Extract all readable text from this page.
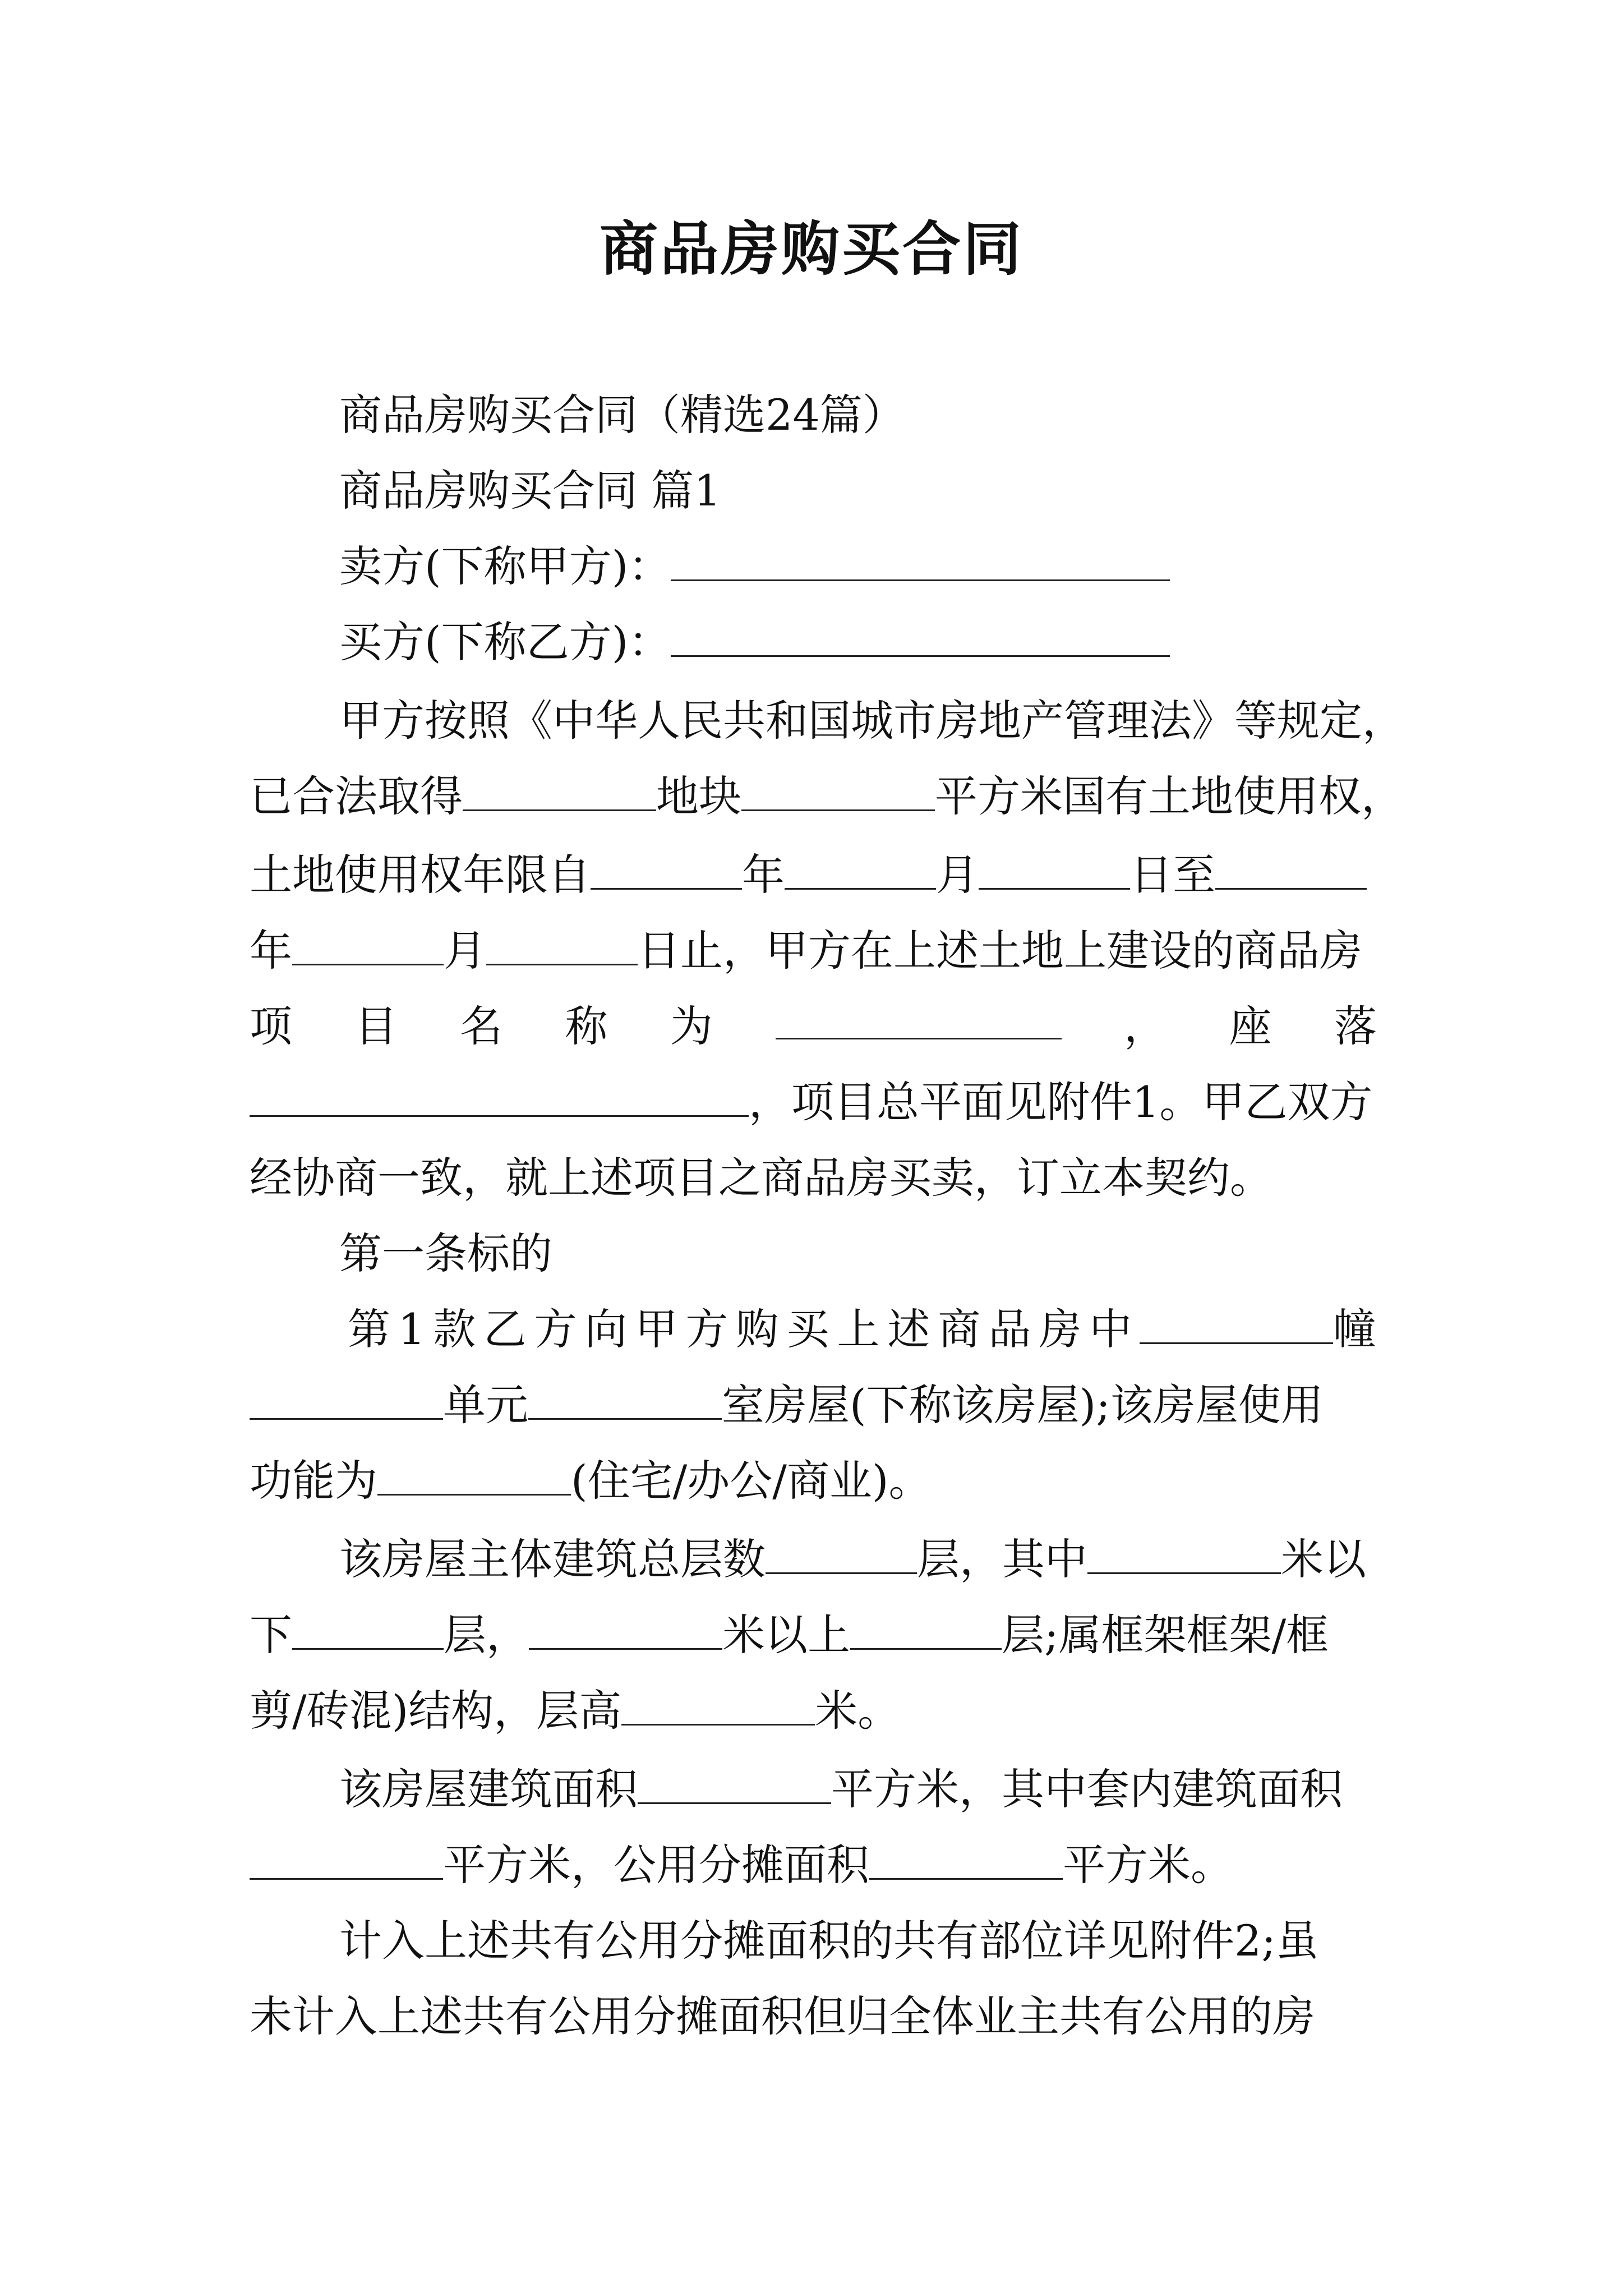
商品房购买合同
商品房购买合同（精选24篇）
商品房购买合同 篇1
卖方(下称甲方)：
买方(下称乙方)：
甲方按照《中华人民共和国城市房地产管理法》等规定，
已合法取得	地块	平方米国有土地使用权，
土地使用权年限自	年	月	日至
年	月	日止，甲方在上述土地上建设的商品房
项 目 名 称 为	， 座 落
，项目总平面见附件1。甲乙双方
经协商一致，就上述项目之商品房买卖，订立本契约。
第一条标的
第1款乙方向甲方购买上述商品房中	幢
单元	室房屋(下称该房屋);该房屋使用
功能为	(住宅/办公/商业)。
该房屋主体建筑总层数	层，其中	米以
下	层，	米以上	层;属框架框架/框
剪/砖混)结构，层高	米。
该房屋建筑面积	平方米，其中套内建筑面积
平方米，公用分摊面积	平方米。
计入上述共有公用分摊面积的共有部位详见附件2;虽
未计入上述共有公用分摊面积但归全体业主共有公用的房
